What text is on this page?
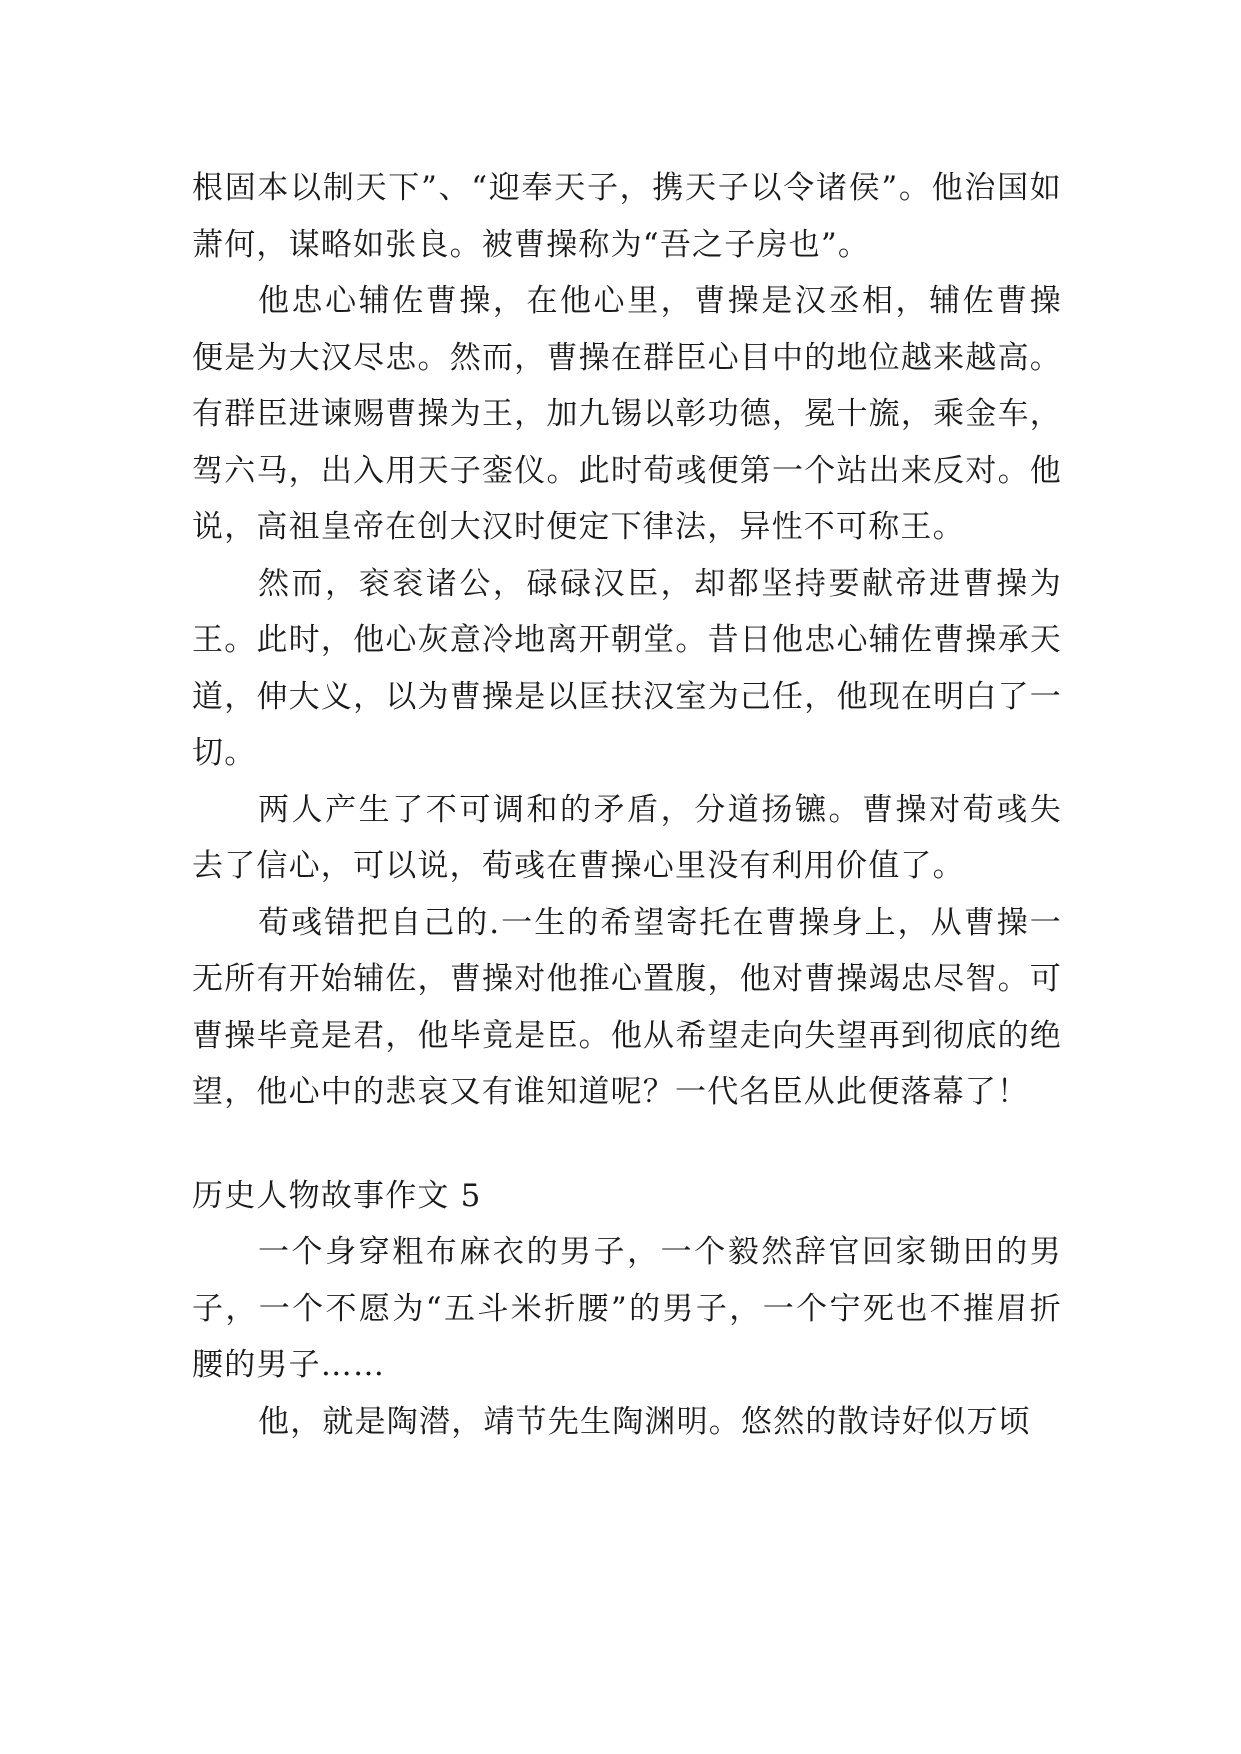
根固本以制天下”、“迎奉天子，携天子以令诸侯”。他治国如萧何，谋略如张良。被曹操称为“吾之子房也”。

他忠心辅佐曹操，在他心里，曹操是汉丞相，辅佐曹操便是为大汉尽忠。然而，曹操在群臣心目中的地位越来越高。有群臣进谏赐曹操为王，加九锡以彰功德，冕十旒，乘金车，驾六马，出入用天子銮仪。此时荀彧便第一个站出来反对。他说，高祖皇帝在创大汉时便定下律法，异性不可称王。

然而，衮衮诸公，碌碌汉臣，却都坚持要献帝进曹操为王。此时，他心灰意冷地离开朝堂。昔日他忠心辅佐曹操承天道，伸大义，以为曹操是以匡扶汉室为己任，他现在明白了一切。

两人产生了不可调和的矛盾，分道扬镳。曹操对荀彧失去了信心，可以说，荀彧在曹操心里没有利用价值了。

荀彧错把自己的.一生的希望寄托在曹操身上，从曹操一无所有开始辅佐，曹操对他推心置腹，他对曹操竭忠尽智。可曹操毕竟是君，他毕竟是臣。他从希望走向失望再到彻底的绝望，他心中的悲哀又有谁知道呢？一代名臣从此便落幕了！

历史人物故事作文 5

一个身穿粗布麻衣的男子，一个毅然辞官回家锄田的男子，一个不愿为“五斗米折腰”的男子，一个宁死也不摧眉折腰的男子……

他，就是陶潜，靖节先生陶渊明。悠然的散诗好似万顷
